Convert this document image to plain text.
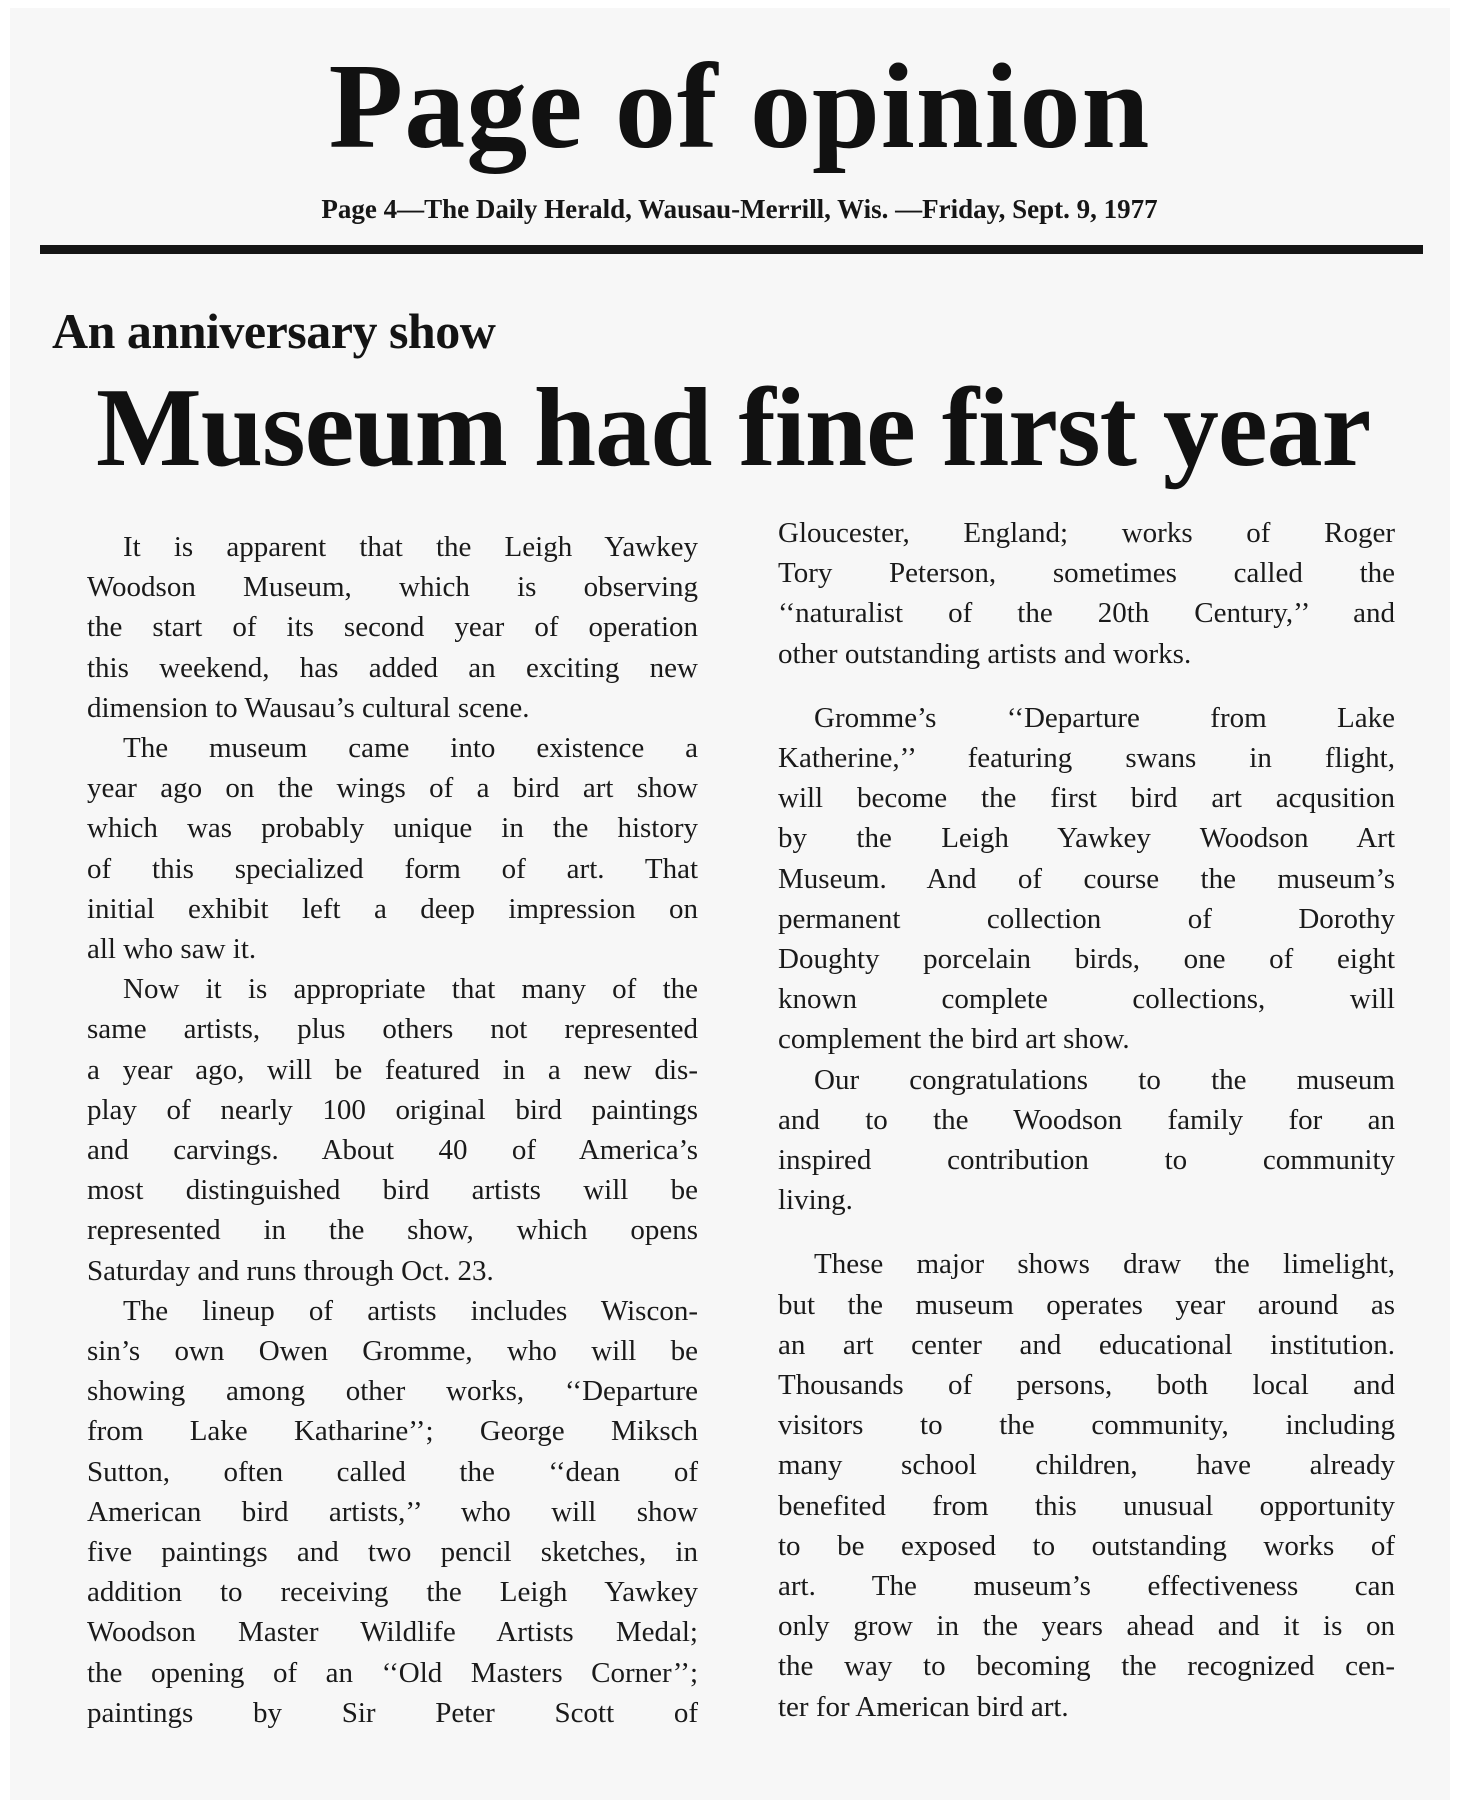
Page of opinion
Page 4—The Daily Herald, Wausau-Merrill, Wis. —Friday, Sept. 9, 1977
An anniversary show
Museum had fine first year

It is apparent that the Leigh Yawkey
Woodson Museum, which is observing
the start of its second year of operation
this weekend, has added an exciting new
dimension to Wausau’s cultural scene.

The museum came into existence a
year ago on the wings of a bird art show
which was probably unique in the history
of this specialized form of art. That
initial exhibit left a deep impression on
all who saw it.

Now it is appropriate that many of the
same artists, plus others not represented
a year ago, will be featured in a new dis-
play of nearly 100 original bird paintings
and carvings. About 40 of America’s
most distinguished bird artists will be
represented in the show, which opens
Saturday and runs through Oct. 23.

The lineup of artists includes Wiscon-
sin’s own Owen Gromme, who will be
showing among other works, ‘‘Departure
from Lake Katharine’’; George Miksch
Sutton, often called the ‘‘dean of
American bird artists,’’ who will show
five paintings and two pencil sketches, in
addition to receiving the Leigh Yawkey
Woodson Master Wildlife Artists Medal;
the opening of an ‘‘Old Masters Corner’’;
paintings by Sir Peter Scott of

Gloucester, England; works of Roger
Tory Peterson, sometimes called the
‘‘naturalist of the 20th Century,’’ and
other outstanding artists and works.

Gromme’s ‘‘Departure from Lake
Katherine,’’ featuring swans in flight,
will become the first bird art acqusition
by the Leigh Yawkey Woodson Art
Museum. And of course the museum’s
permanent collection of Dorothy
Doughty porcelain birds, one of eight
known complete collections, will
complement the bird art show.

Our congratulations to the museum
and to the Woodson family for an
inspired contribution to community
living.

These major shows draw the limelight,
but the museum operates year around as
an art center and educational institution.
Thousands of persons, both local and
visitors to the community, including
many school children, have already
benefited from this unusual opportunity
to be exposed to outstanding works of
art. The museum’s effectiveness can
only grow in the years ahead and it is on
the way to becoming the recognized cen-
ter for American bird art.
